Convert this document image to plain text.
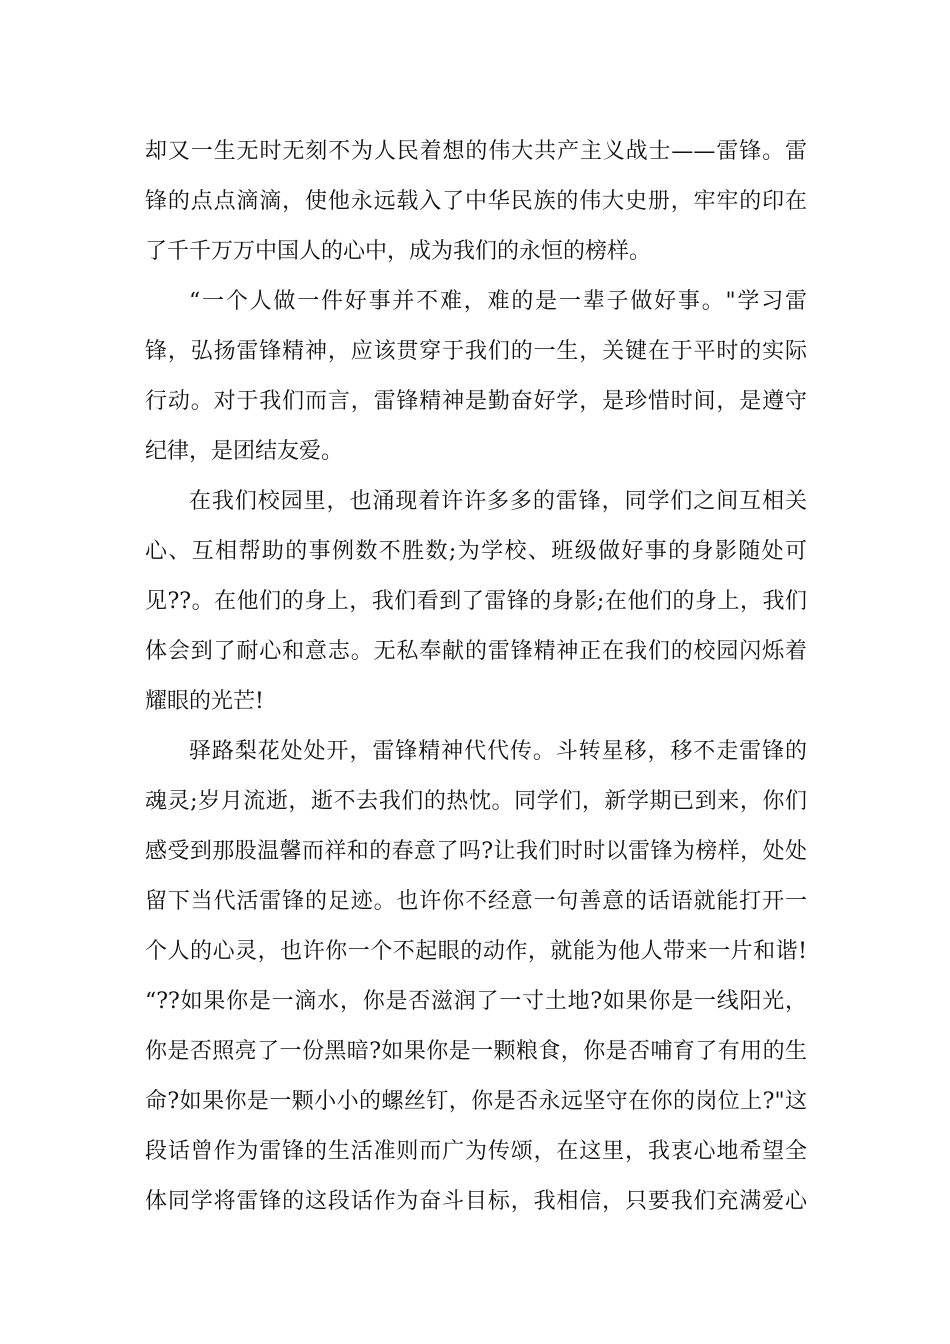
却又一生无时无刻不为人民着想的伟大共产主义战士——雷锋。雷
锋的点点滴滴，使他永远载入了中华民族的伟大史册，牢牢的印在
了千千万万中国人的心中，成为我们的永恒的榜样。
“一个人做一件好事并不难，难的是一辈子做好事。"学习雷
锋，弘扬雷锋精神，应该贯穿于我们的一生，关键在于平时的实际
行动。对于我们而言，雷锋精神是勤奋好学，是珍惜时间，是遵守
纪律，是团结友爱。
在我们校园里，也涌现着许许多多的雷锋，同学们之间互相关
心、互相帮助的事例数不胜数;为学校、班级做好事的身影随处可
见??。在他们的身上，我们看到了雷锋的身影;在他们的身上，我们
体会到了耐心和意志。无私奉献的雷锋精神正在我们的校园闪烁着
耀眼的光芒!
驿路梨花处处开，雷锋精神代代传。斗转星移，移不走雷锋的
魂灵;岁月流逝，逝不去我们的热忱。同学们，新学期已到来，你们
感受到那股温馨而祥和的春意了吗?让我们时时以雷锋为榜样，处处
留下当代活雷锋的足迹。也许你不经意一句善意的话语就能打开一
个人的心灵，也许你一个不起眼的动作，就能为他人带来一片和谐!
“??如果你是一滴水，你是否滋润了一寸土地?如果你是一线阳光，
你是否照亮了一份黑暗?如果你是一颗粮食，你是否哺育了有用的生
命?如果你是一颗小小的螺丝钉，你是否永远坚守在你的岗位上?"这
段话曾作为雷锋的生活准则而广为传颂，在这里，我衷心地希望全
体同学将雷锋的这段话作为奋斗目标，我相信，只要我们充满爱心
